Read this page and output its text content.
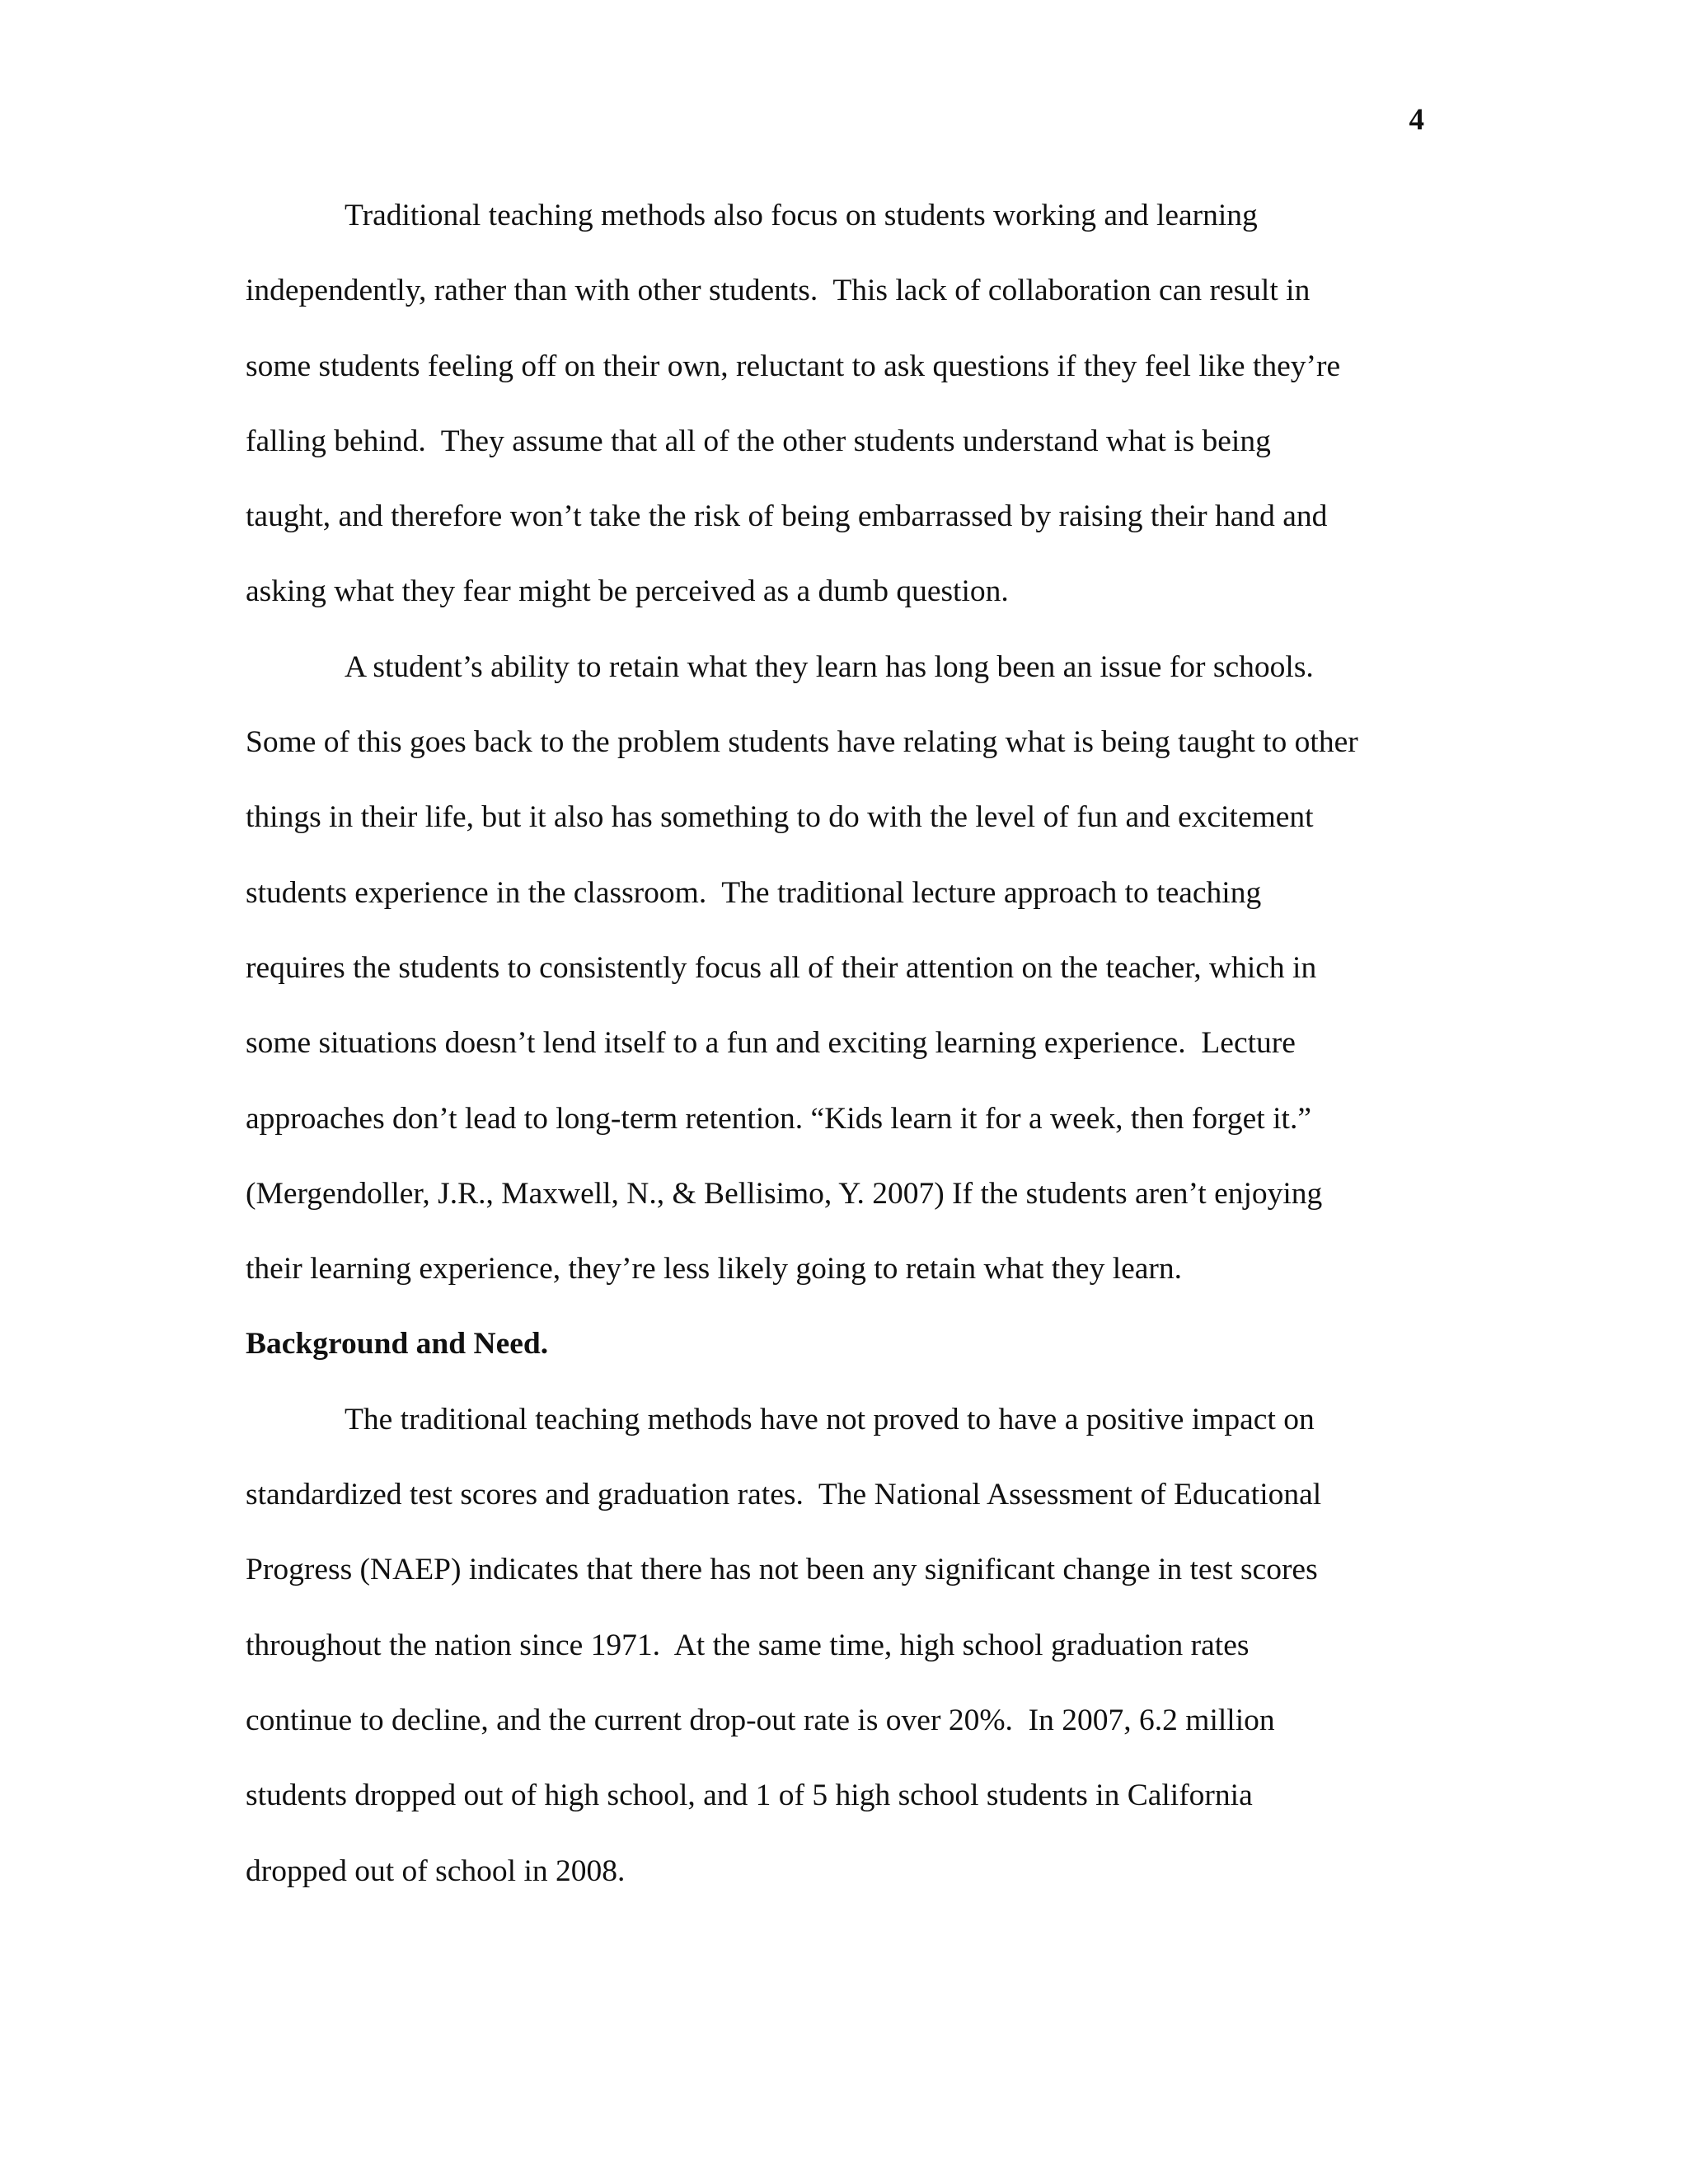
4
Traditional teaching methods also focus on students working and learning
independently, rather than with other students.  This lack of collaboration can result in
some students feeling off on their own, reluctant to ask questions if they feel like they’re
falling behind.  They assume that all of the other students understand what is being
taught, and therefore won’t take the risk of being embarrassed by raising their hand and
asking what they fear might be perceived as a dumb question.
A student’s ability to retain what they learn has long been an issue for schools.
Some of this goes back to the problem students have relating what is being taught to other
things in their life, but it also has something to do with the level of fun and excitement
students experience in the classroom.  The traditional lecture approach to teaching
requires the students to consistently focus all of their attention on the teacher, which in
some situations doesn’t lend itself to a fun and exciting learning experience.  Lecture
approaches don’t lead to long-term retention. “Kids learn it for a week, then forget it.”
(Mergendoller, J.R., Maxwell, N., & Bellisimo, Y. 2007) If the students aren’t enjoying
their learning experience, they’re less likely going to retain what they learn.
Background and Need.
The traditional teaching methods have not proved to have a positive impact on
standardized test scores and graduation rates.  The National Assessment of Educational
Progress (NAEP) indicates that there has not been any significant change in test scores
throughout the nation since 1971.  At the same time, high school graduation rates
continue to decline, and the current drop-out rate is over 20%.  In 2007, 6.2 million
students dropped out of high school, and 1 of 5 high school students in California
dropped out of school in 2008.
